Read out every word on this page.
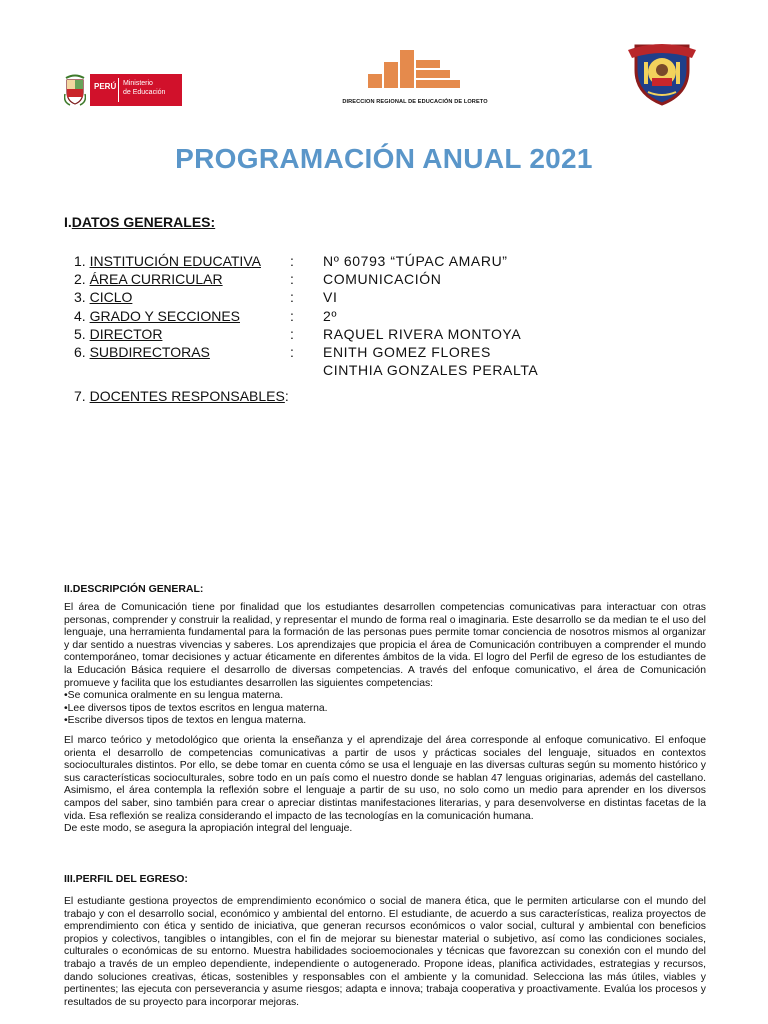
PERÚ Ministerio
de Educación
DIRECCION REGIONAL DE EDUCACIÓN DE LORETO
PROGRAMACIÓN ANUAL 2021
I.DATOS GENERALES:
1. INSTITUCIÓN EDUCATIVA : Nº 60793 “TÚPAC AMARU”
2. ÁREA CURRICULAR	: COMUNICACIÓN
3. CICLO	: VI
4. GRADO Y SECCIONES	: 2º
5. DIRECTOR	: RAQUEL RIVERA MONTOYA
6. SUBDIRECTORAS	: ENITH GOMEZ FLORES
CINTHIA GONZALES PERALTA
7. DOCENTES RESPONSABLES:
II.DESCRIPCIÓN GENERAL:

El área de Comunicación tiene por finalidad que los estudiantes desarrollen competencias comunicativas para interactuar con otras personas, comprender y construir la realidad, y representar el mundo de forma real o imaginaria. Este desarrollo se da median te el uso del lenguaje, una herramienta fundamental para la formación de las personas pues permite tomar conciencia de nosotros mismos al organizar y dar sentido a nuestras vivencias y saberes. Los aprendizajes que propicia el área de Comunicación contribuyen a comprender el mundo contemporáneo, tomar decisiones y actuar éticamente en diferentes ámbitos de la vida. El logro del Perfil de egreso de los estudiantes de la Educación Básica requiere el desarrollo de diversas competencias. A través del enfoque comunicativo, el área de Comunicación promueve y facilita que los estudiantes desarrollen las siguientes competencias:

•Se comunica oralmente en su lengua materna.
•Lee diversos tipos de textos escritos en lengua materna.
•Escribe diversos tipos de textos en lengua materna.

El marco teórico y metodológico que orienta la enseñanza y el aprendizaje del área corresponde al enfoque comunicativo. El enfoque orienta el desarrollo de competencias comunicativas a partir de usos y prácticas sociales del lenguaje, situados en contextos socioculturales distintos. Por ello, se debe tomar en cuenta cómo se usa el lenguaje en las diversas culturas según su momento histórico y sus características socioculturales, sobre todo en un país como el nuestro donde se hablan 47 lenguas originarias, además del castellano. Asimismo, el área contempla la reflexión sobre el lenguaje a partir de su uso, no solo como un medio para aprender en los diversos campos del saber, sino también para crear o apreciar distintas manifestaciones literarias, y para desenvolverse en distintas facetas de la vida. Esa reflexión se realiza considerando el impacto de las tecnologías en la comunicación humana.

De este modo, se asegura la apropiación integral del lenguaje.

III.PERFIL DEL EGRESO:

El estudiante gestiona proyectos de emprendimiento económico o social de manera ética, que le permiten articularse con el mundo del trabajo y con el desarrollo social, económico y ambiental del entorno. El estudiante, de acuerdo a sus características, realiza proyectos de emprendimiento con ética y sentido de iniciativa, que generan recursos económicos o valor social, cultural y ambiental con beneficios propios y colectivos, tangibles o intangibles, con el fin de mejorar su bienestar material o subjetivo, así como las condiciones sociales, culturales o económicas de su entorno. Muestra habilidades socioemocionales y técnicas que favorezcan su conexión con el mundo del trabajo a través de un empleo dependiente, independiente o autogenerado. Propone ideas, planifica actividades, estrategias y recursos, dando soluciones creativas, éticas, sostenibles y responsables con el ambiente y la comunidad. Selecciona las más útiles, viables y pertinentes; las ejecuta con perseverancia y asume riesgos; adapta e innova; trabaja cooperativa y proactivamente. Evalúa los procesos y resultados de su proyecto para incorporar mejoras.
